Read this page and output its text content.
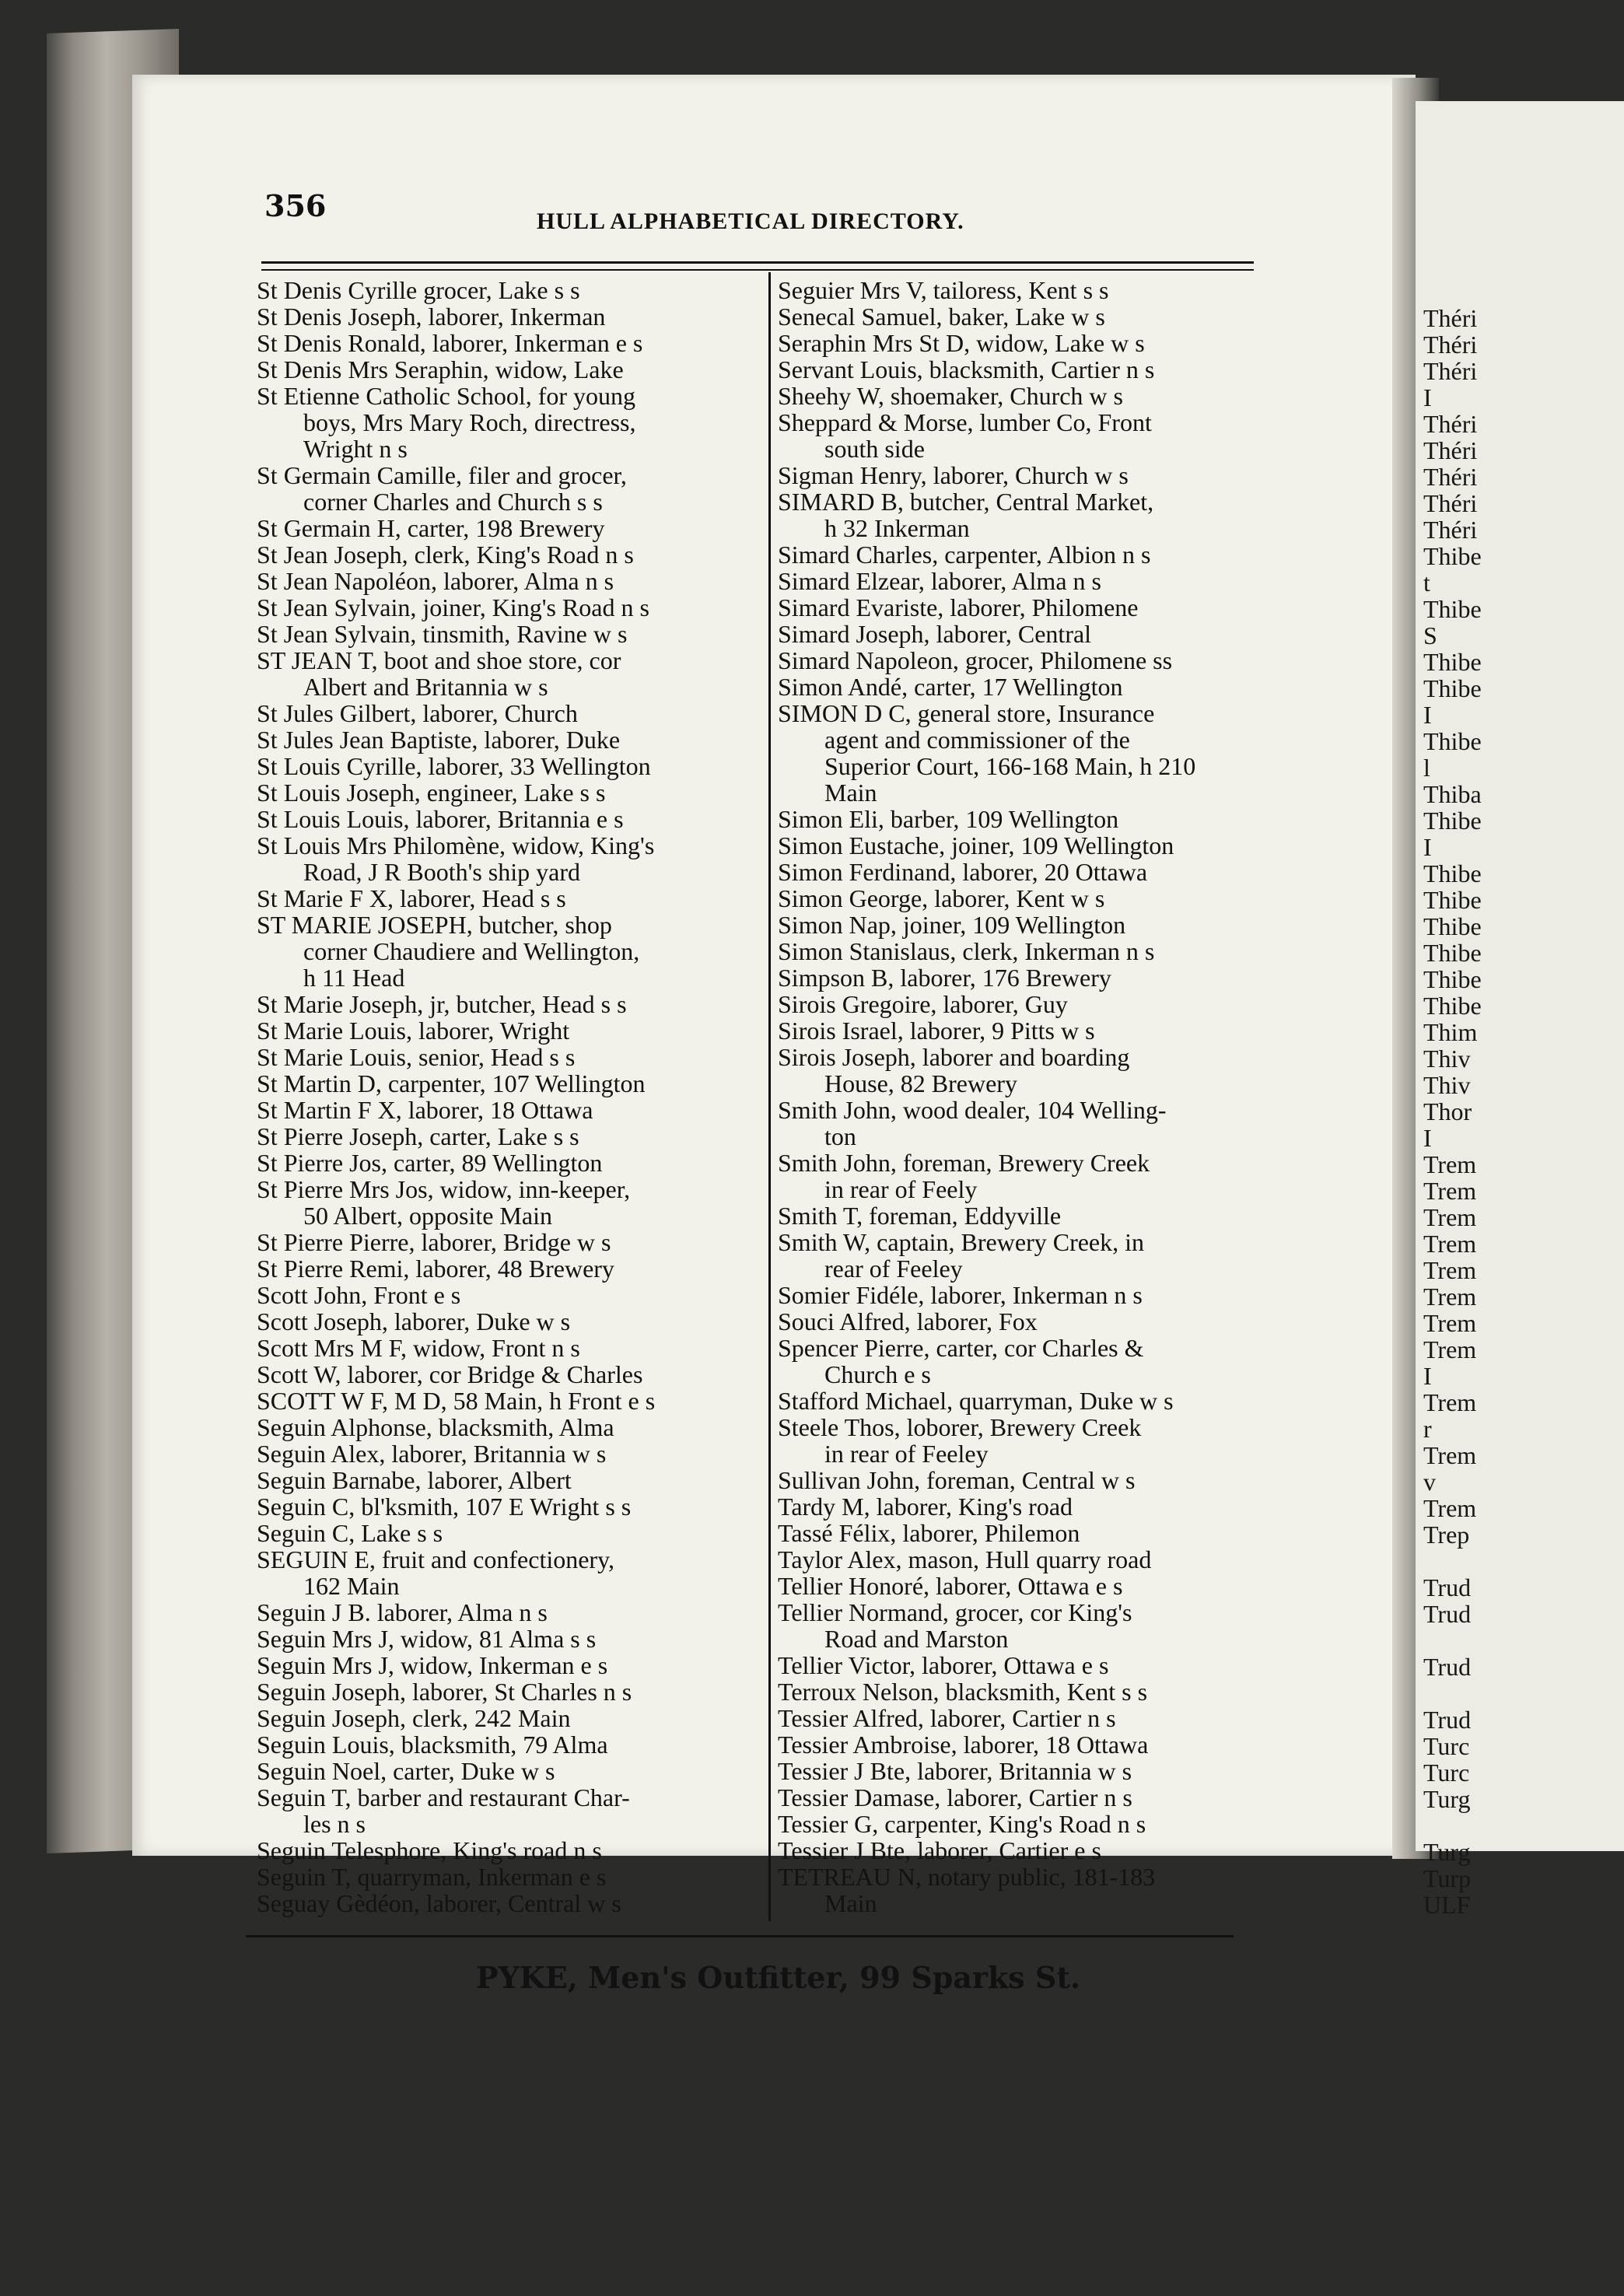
356	HULL ALPHABETICAL DIRECTORY.
St Denis Cyrille grocer, Lake s s
St Denis Joseph, laborer, Inkerman
St Denis Ronald, laborer, Inkerman e s
St Denis Mrs Seraphin, widow, Lake
St Etienne Catholic School, for young
boys, Mrs Mary Roch, directress,
Wright n s
St Germain Camille, filer and grocer,
corner Charles and Church s s
St Germain H, carter, 198 Brewery
St Jean Joseph, clerk, King's Road n s
St Jean Napoléon, laborer, Alma n s
St Jean Sylvain, joiner, King's Road n s
St Jean Sylvain, tinsmith, Ravine w s
ST JEAN T, boot and shoe store, cor
Albert and Britannia w s
St Jules Gilbert, laborer, Church
St Jules Jean Baptiste, laborer, Duke
St Louis Cyrille, laborer, 33 Wellington
St Louis Joseph, engineer, Lake s s
St Louis Louis, laborer, Britannia e s
St Louis Mrs Philomène, widow, King's
Road, J R Booth's ship yard
St Marie F X, laborer, Head s s
ST MARIE JOSEPH, butcher, shop
corner Chaudiere and Wellington,
h 11 Head
St Marie Joseph, jr, butcher, Head s s
St Marie Louis, laborer, Wright
St Marie Louis, senior, Head s s
St Martin D, carpenter, 107 Wellington
St Martin F X, laborer, 18 Ottawa
St Pierre Joseph, carter, Lake s s
St Pierre Jos, carter, 89 Wellington
St Pierre Mrs Jos, widow, inn-keeper,
50 Albert, opposite Main
St Pierre Pierre, laborer, Bridge w s
St Pierre Remi, laborer, 48 Brewery
Scott John, Front e s
Scott Joseph, laborer, Duke w s
Scott Mrs M F, widow, Front n s
Scott W, laborer, cor Bridge & Charles
SCOTT W F, M D, 58 Main, h Front e s
Seguin Alphonse, blacksmith, Alma
Seguin Alex, laborer, Britannia w s
Seguin Barnabe, laborer, Albert
Seguin C, bl'ksmith, 107 E Wright s s
Seguin C, Lake s s
SEGUIN E, fruit and confectionery,
162 Main
Seguin J B. laborer, Alma n s
Seguin Mrs J, widow, 81 Alma s s
Seguin Mrs J, widow, Inkerman e s
Seguin Joseph, laborer, St Charles n s
Seguin Joseph, clerk, 242 Main
Seguin Louis, blacksmith, 79 Alma
Seguin Noel, carter, Duke w s
Seguin T, barber and restaurant Char-
les n s
Seguin Telesphore, King's road n s
Seguin T, quarryman, Inkerman e s
Seguay Gèdéon, laborer, Central w s
Seguier Mrs V, tailoress, Kent s s
Senecal Samuel, baker, Lake w s
Seraphin Mrs St D, widow, Lake w s
Servant Louis, blacksmith, Cartier n s
Sheehy W, shoemaker, Church w s
Sheppard & Morse, lumber Co, Front
south side
Sigman Henry, laborer, Church w s
SIMARD B, butcher, Central Market,
h 32 Inkerman
Simard Charles, carpenter, Albion n s
Simard Elzear, laborer, Alma n s
Simard Evariste, laborer, Philomene
Simard Joseph, laborer, Central
Simard Napoleon, grocer, Philomene ss
Simon Andé, carter, 17 Wellington
SIMON D C, general store, Insurance
agent and commissioner of the
Superior Court, 166-168 Main, h 210
Main
Simon Eli, barber, 109 Wellington
Simon Eustache, joiner, 109 Wellington
Simon Ferdinand, laborer, 20 Ottawa
Simon George, laborer, Kent w s
Simon Nap, joiner, 109 Wellington
Simon Stanislaus, clerk, Inkerman n s
Simpson B, laborer, 176 Brewery
Sirois Gregoire, laborer, Guy
Sirois Israel, laborer, 9 Pitts w s
Sirois Joseph, laborer and boarding
House, 82 Brewery
Smith John, wood dealer, 104 Welling-
ton
Smith John, foreman, Brewery Creek
in rear of Feely
Smith T, foreman, Eddyville
Smith W, captain, Brewery Creek, in
rear of Feeley
Somier Fidéle, laborer, Inkerman n s
Souci Alfred, laborer, Fox
Spencer Pierre, carter, cor Charles &
Church e s
Stafford Michael, quarryman, Duke w s
Steele Thos, loborer, Brewery Creek
in rear of Feeley
Sullivan John, foreman, Central w s
Tardy M, laborer, King's road
Tassé Félix, laborer, Philemon
Taylor Alex, mason, Hull quarry road
Tellier Honoré, laborer, Ottawa e s
Tellier Normand, grocer, cor King's
Road and Marston
Tellier Victor, laborer, Ottawa e s
Terroux Nelson, blacksmith, Kent s s
Tessier Alfred, laborer, Cartier n s
Tessier Ambroise, laborer, 18 Ottawa
Tessier J Bte, laborer, Britannia w s
Tessier Damase, laborer, Cartier n s
Tessier G, carpenter, King's Road n s
Tessier J Bte, laborer, Cartier e s
TETREAU N, notary public, 181-183
Main
PYKE, Men's Outfitter, 99 Sparks St.
Théri
Théri
Théri
I
Théri
Théri
Théri
Théri
Théri
Thibe
t
Thibe
S
Thibe
Thibe
I
Thibe
l
Thiba
Thibe
I
Thibe
Thibe
Thibe
Thibe
Thibe
Thibe
Thim
Thiv
Thiv
Thor
I
Trem
Trem
Trem
Trem
Trem
Trem
Trem
Trem
I
Trem
r
Trem
v
Trem
Trep
Trud
Trud
Trud
Trud
Turc
Turc
Turg
Turg
Turp
ULF
